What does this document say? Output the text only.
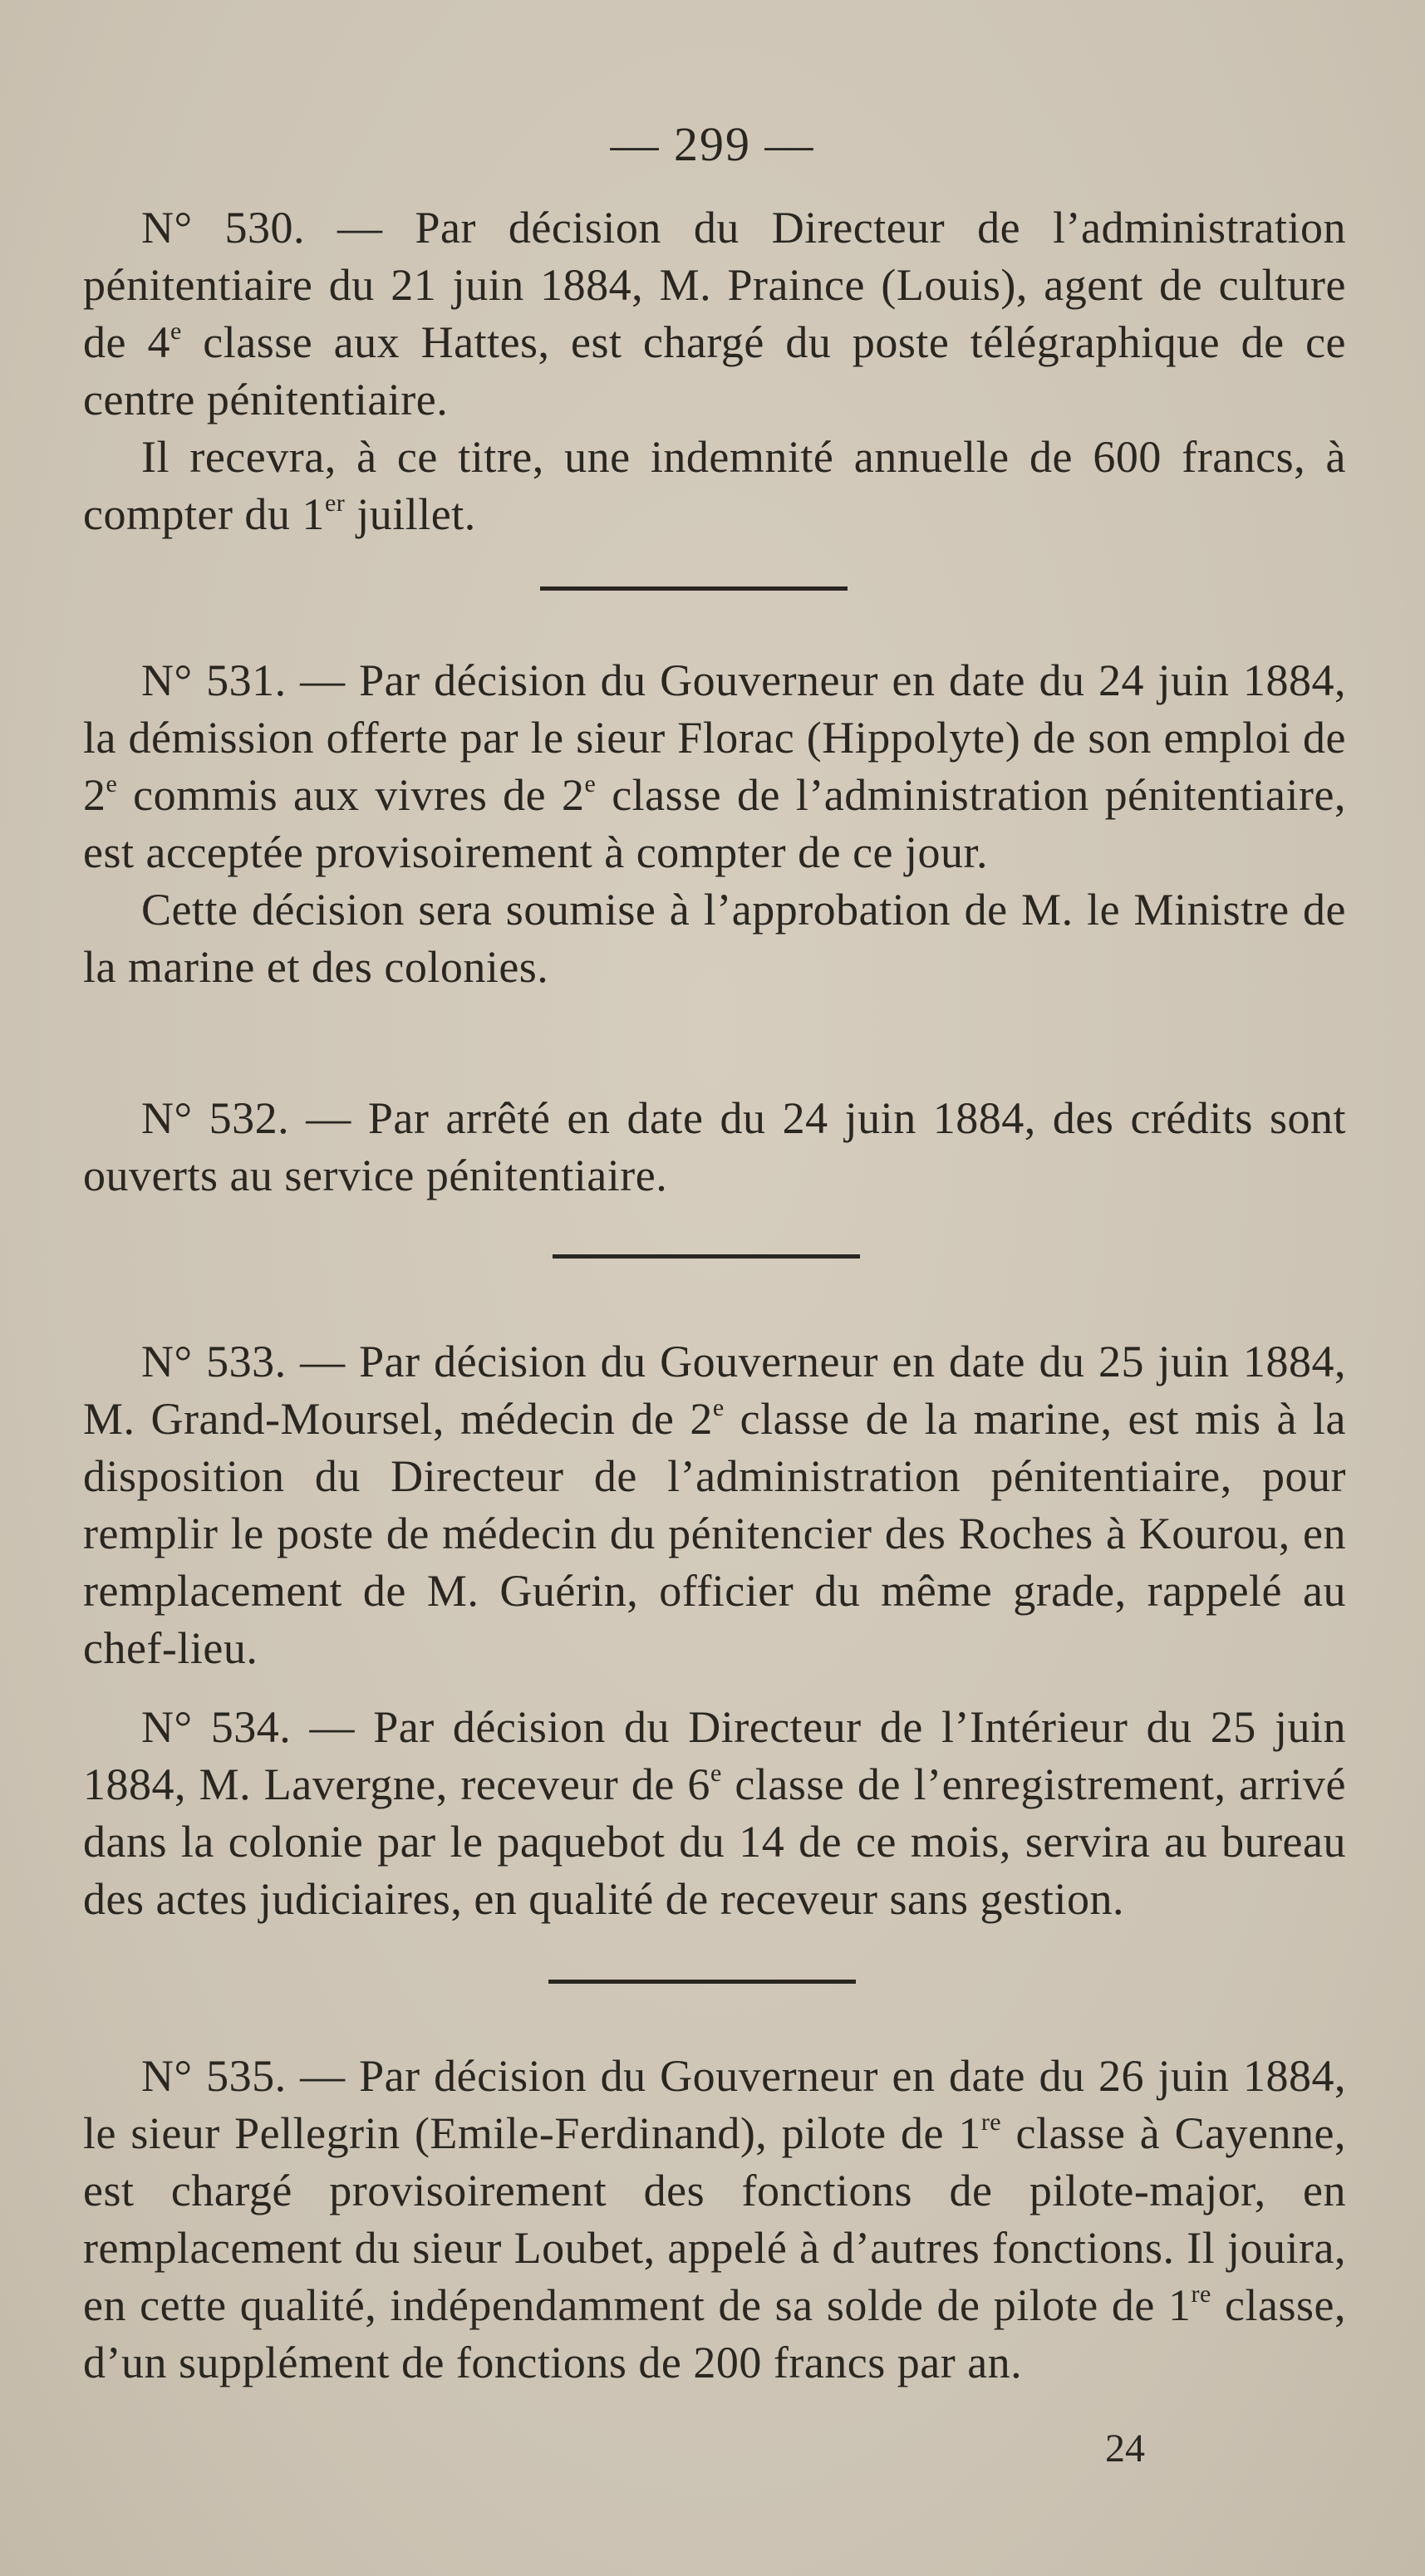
— 299 —

N° 530. — Par décision du Directeur de l’administration pénitentiaire du 21 juin 1884, M. Praince (Louis), agent de culture de 4e classe aux Hattes, est chargé du poste télégraphique de ce centre pénitentiaire.

Il recevra, à ce titre, une indemnité annuelle de 600 francs, à compter du 1er juillet.

N° 531. — Par décision du Gouverneur en date du 24 juin 1884, la démission offerte par le sieur Florac (Hippolyte) de son emploi de 2e commis aux vivres de 2e classe de l’administration pénitentiaire, est acceptée provisoirement à compter de ce jour.

Cette décision sera soumise à l’approbation de M. le Ministre de la marine et des colonies.

N° 532. — Par arrêté en date du 24 juin 1884, des crédits sont ouverts au service pénitentiaire.

N° 533. — Par décision du Gouverneur en date du 25 juin 1884, M. Grand-Moursel, médecin de 2e classe de la marine, est mis à la disposition du Directeur de l’administration pénitentiaire, pour remplir le poste de médecin du pénitencier des Roches à Kourou, en remplacement de M. Guérin, officier du même grade, rappelé au chef-lieu.

N° 534. — Par décision du Directeur de l’Intérieur du 25 juin 1884, M. Lavergne, receveur de 6e classe de l’enregistrement, arrivé dans la colonie par le paquebot du 14 de ce mois, servira au bureau des actes judiciaires, en qualité de receveur sans gestion.

N° 535. — Par décision du Gouverneur en date du 26 juin 1884, le sieur Pellegrin (Emile-Ferdinand), pilote de 1re classe à Cayenne, est chargé provisoirement des fonctions de pilote-major, en remplacement du sieur Loubet, appelé à d’autres fonctions. Il jouira, en cette qualité, indépendamment de sa solde de pilote de 1re classe, d’un supplément de fonctions de 200 francs par an.

24
